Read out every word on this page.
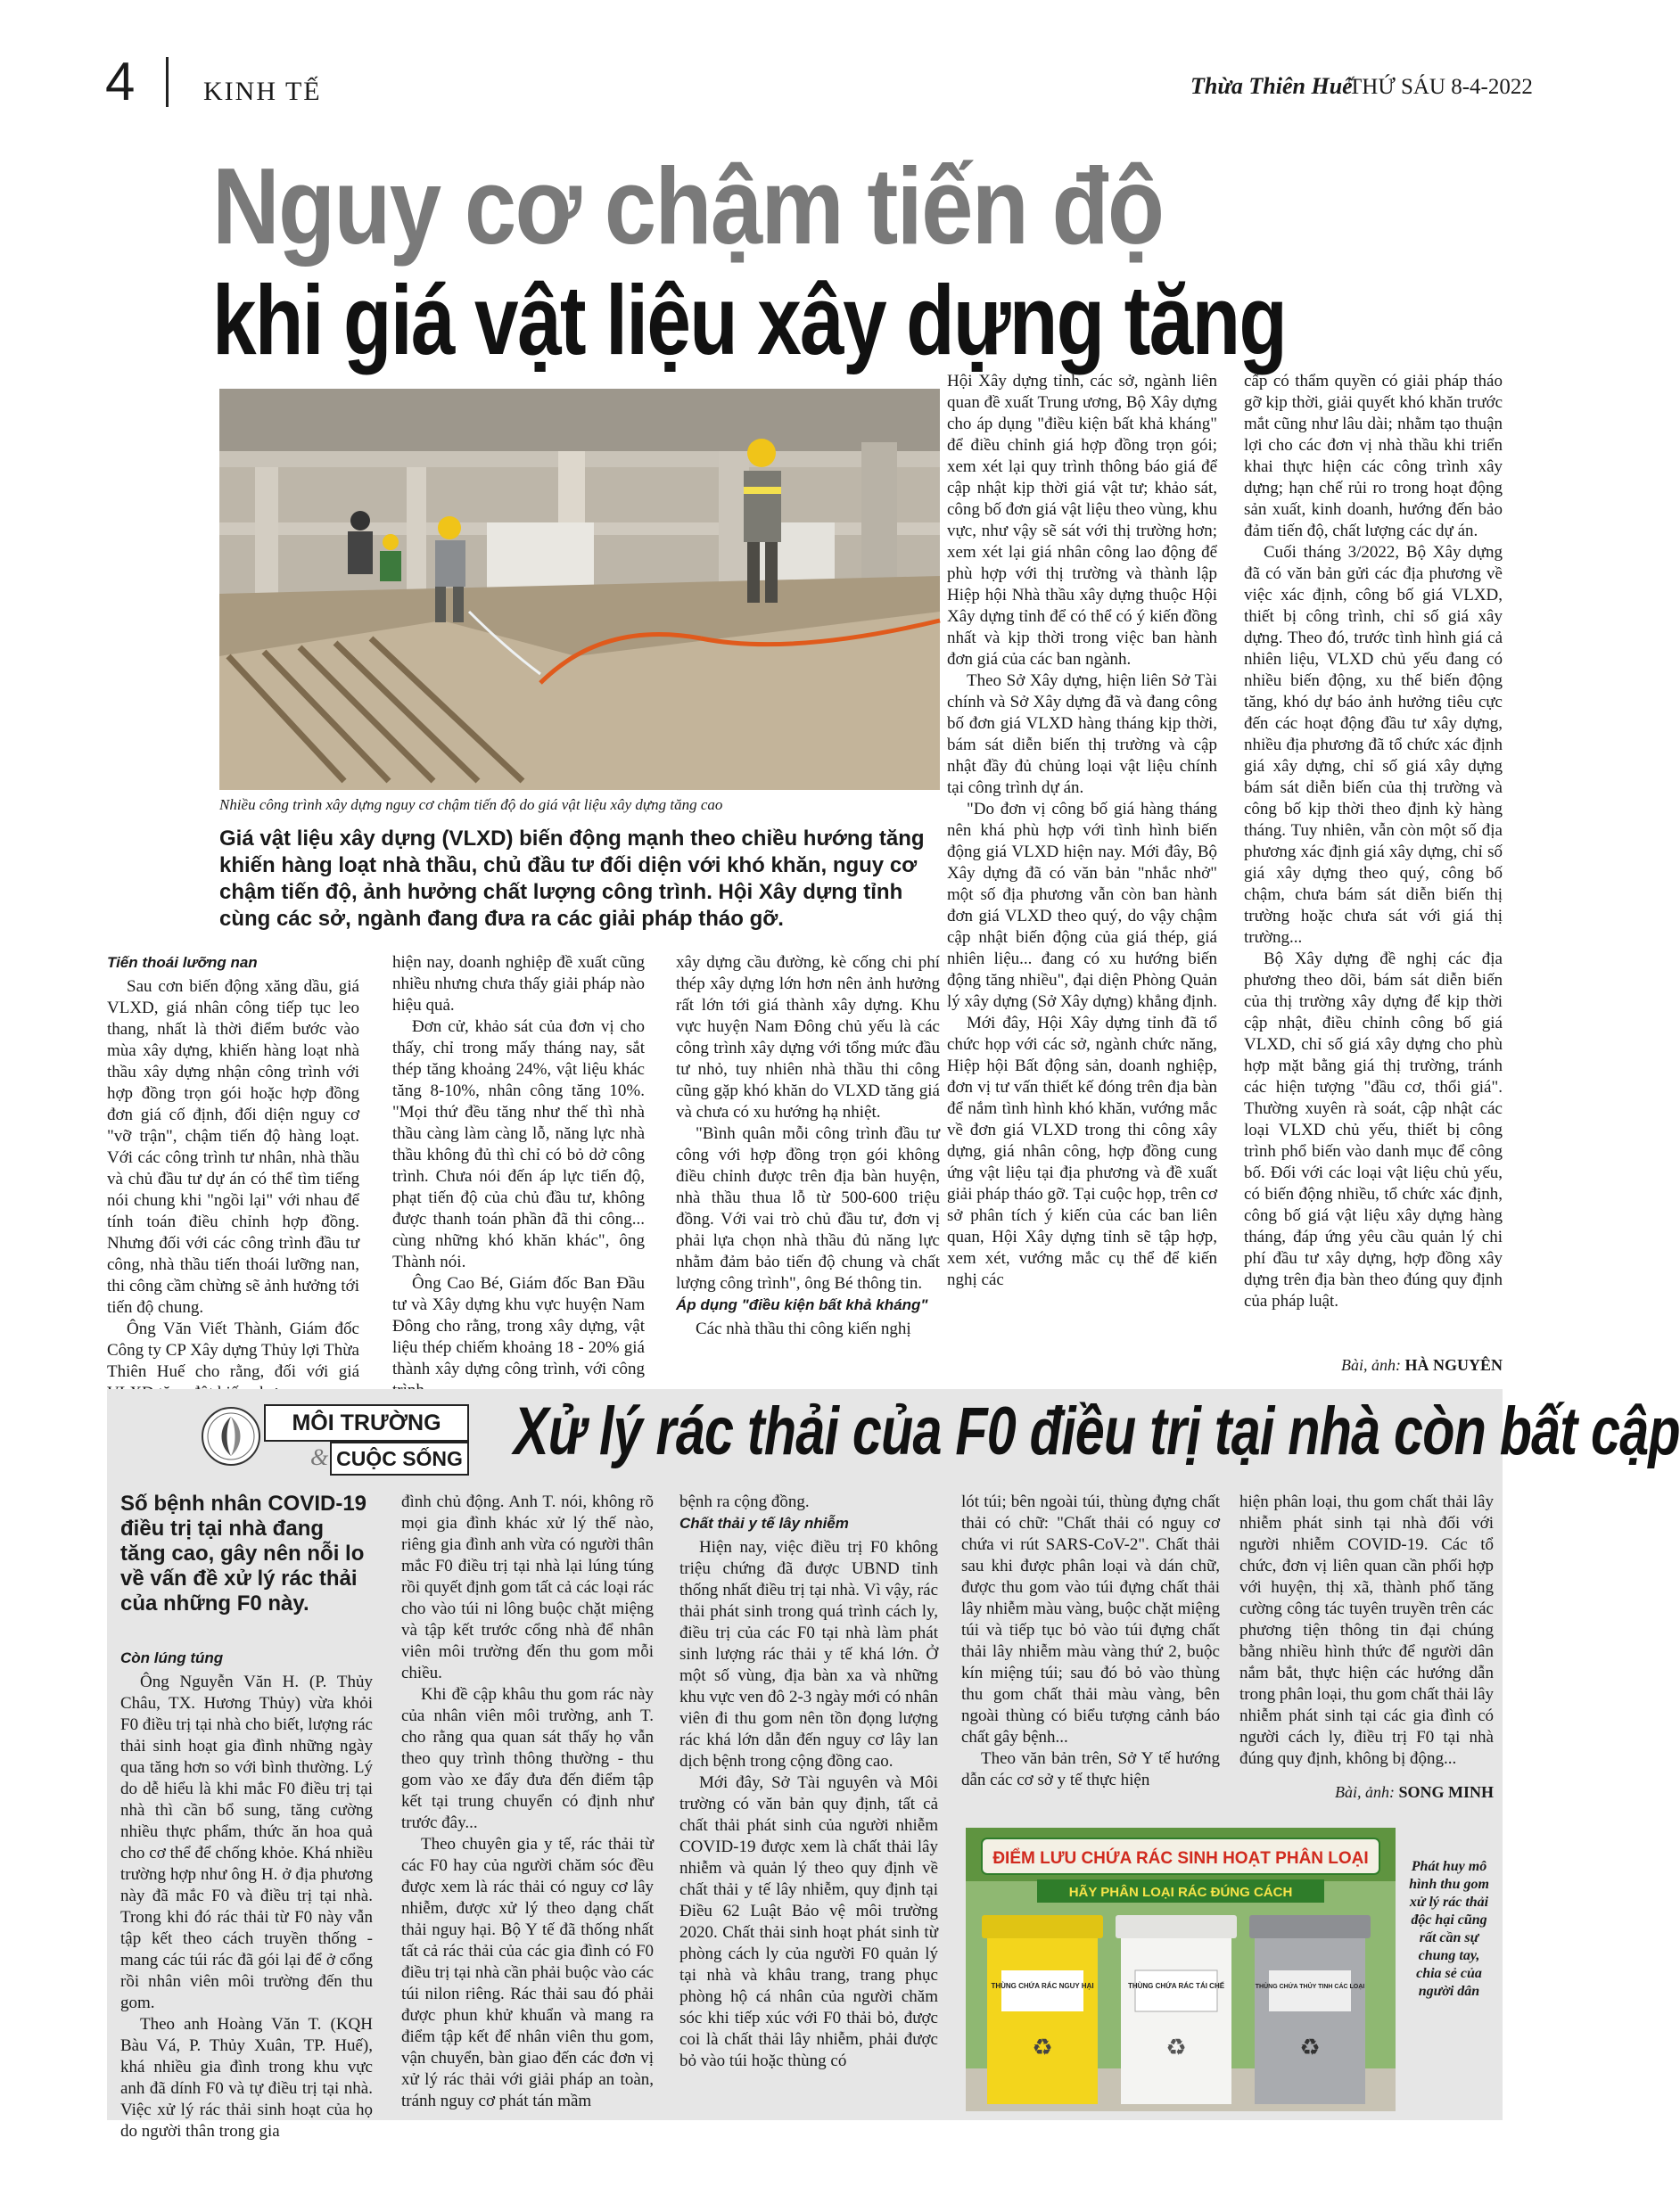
4	KINH TẾ	Thừa Thiên Huế
THỨ SÁU 8-4-2022
Nguy cơ chậm tiến độ
khi giá vật liệu xây dựng tăng
Nhiều công trình xây dựng nguy cơ chậm tiến độ do giá vật liệu xây dựng tăng cao
Giá vật liệu xây dựng (VLXD) biến động mạnh theo chiều hướng tăng khiến hàng loạt nhà thầu, chủ đầu tư đối diện với khó khăn, nguy cơ chậm tiến độ, ảnh hưởng chất lượng công trình. Hội Xây dựng tỉnh cùng các sở, ngành đang đưa ra các giải pháp tháo gỡ.
Tiến thoái lưỡng nan

Sau cơn biến động xăng dầu, giá VLXD, giá nhân công tiếp tục leo thang, nhất là thời điểm bước vào mùa xây dựng, khiến hàng loạt nhà thầu xây dựng nhận công trình với hợp đồng trọn gói hoặc hợp đồng đơn giá cố định, đối diện nguy cơ "vỡ trận", chậm tiến độ hàng loạt. Với các công trình tư nhân, nhà thầu và chủ đầu tư dự án có thể tìm tiếng nói chung khi "ngồi lại" với nhau để tính toán điều chỉnh hợp đồng. Nhưng đối với các công trình đầu tư công, nhà thầu tiến thoái lưỡng nan, thi công cầm chừng sẽ ảnh hưởng tới tiến độ chung.

Ông Văn Viết Thành, Giám đốc Công ty CP Xây dựng Thủy lợi Thừa Thiên Huế cho rằng, đối với giá

hiện nay, doanh nghiệp đề xuất cũng nhiều nhưng chưa thấy giải pháp nào hiệu quả.

Đơn cử, khảo sát của đơn vị cho thấy, chỉ trong mấy tháng nay, sắt thép tăng khoảng 24%, vật liệu khác tăng 8-10%, nhân công tăng 10%. "Mọi thứ đều tăng như thế thì nhà thầu càng làm càng lỗ, năng lực nhà thầu không đủ thì chỉ có bỏ dở công trình. Chưa nói đến áp lực tiến độ, phạt tiến độ của chủ đầu tư, không được thanh toán phần đã thi công... cùng những khó khăn khác", ông Thành nói.

Ông Cao Bé, Giám đốc Ban Đầu tư và Xây dựng khu vực huyện Nam Đông cho rằng, trong xây dựng, vật liệu thép chiếm khoảng 18 - 20% giá thành xây dựng công trình, với công

xây dựng cầu đường, kè cống chi phí thép xây dựng lớn hơn nên ảnh hưởng rất lớn tới giá thành xây dựng. Khu vực huyện Nam Đông chủ yếu là các công trình xây dựng với tổng mức đầu tư nhỏ, tuy nhiên nhà thầu thi công cũng gặp khó khăn do VLXD tăng giá và chưa có xu hướng hạ nhiệt.

"Bình quân mỗi công trình đầu tư công với hợp đồng trọn gói không điều chỉnh được trên địa bàn huyện, nhà thầu thua lỗ từ 500-600 triệu đồng. Với vai trò chủ đầu tư, đơn vị phải lựa chọn nhà thầu đủ năng lực nhằm đảm bảo tiến độ chung và chất lượng công trình", ông Bé thông tin.

Áp dụng "điều kiện bất khả kháng"

Các nhà thầu thi công kiến nghị

Hội Xây dựng tỉnh, các sở, ngành liên quan đề xuất Trung ương, Bộ Xây dựng cho áp dụng "điều kiện bất khả kháng" để điều chỉnh giá hợp đồng trọn gói; xem xét lại quy trình thông báo giá để cập nhật kịp thời giá vật tư; khảo sát, công bố đơn giá vật liệu theo vùng, khu vực, như vậy sẽ sát với thị trường hơn; xem xét lại giá nhân công lao động để phù hợp với thị trường và thành lập Hiệp hội Nhà thầu xây dựng thuộc Hội Xây dựng tỉnh để có thể có ý kiến đồng nhất và kịp thời trong việc ban hành đơn giá của các ban ngành.

Theo Sở Xây dựng, hiện liên Sở Tài chính và Sở Xây dựng đã và đang công bố đơn giá VLXD hàng tháng kịp thời, bám sát diễn biến thị trường và cập nhật đầy đủ chủng loại vật liệu chính tại công trình dự án.

"Do đơn vị công bố giá hàng tháng nên khá phù hợp với tình hình biến động giá VLXD hiện nay. Mới đây, Bộ Xây dựng đã có văn bản "nhắc nhở" một số địa phương vẫn còn ban hành đơn giá VLXD theo quý, do vậy chậm cập nhật biến động của giá thép, giá nhiên liệu... đang có xu hướng biến động tăng nhiều", đại diện Phòng Quản lý xây dựng (Sở Xây dựng) khẳng định.

Mới đây, Hội Xây dựng tỉnh đã tổ chức họp với các sở, ngành chức năng, Hiệp hội Bất động sản, doanh nghiệp, đơn vị tư vấn thiết kế đóng trên địa bàn để nắm tình hình khó khăn, vướng mắc về đơn giá VLXD trong thi công xây dựng, giá nhân công, hợp đồng cung ứng vật liệu tại địa phương và đề xuất giải pháp tháo gỡ. Tại cuộc họp, trên cơ sở phân tích ý kiến của các ban liên quan, Hội Xây dựng tỉnh sẽ tập hợp, xem xét, vướng mắc cụ thể để kiến nghị các

cấp có thẩm quyền có giải pháp tháo gỡ kịp thời, giải quyết khó khăn trước mắt cũng như lâu dài; nhằm tạo thuận lợi cho các đơn vị nhà thầu khi triển khai thực hiện các công trình xây dựng; hạn chế rủi ro trong hoạt động sản xuất, kinh doanh, hướng đến bảo đảm tiến độ, chất lượng các dự án.

Cuối tháng 3/2022, Bộ Xây dựng đã có văn bản gửi các địa phương về việc xác định, công bố giá VLXD, thiết bị công trình, chỉ số giá xây dựng. Theo đó, trước tình hình giá cả nhiên liệu, VLXD chủ yếu đang có nhiều biến động, xu thế biến động tăng, khó dự báo ảnh hưởng tiêu cực đến các hoạt động đầu tư xây dựng, nhiều địa phương đã tổ chức xác định giá xây dựng, chỉ số giá xây dựng bám sát diễn biến của thị trường và công bố kịp thời theo định kỳ hàng tháng. Tuy nhiên, vẫn còn một số địa phương xác định giá xây dựng, chỉ số giá xây dựng theo quý, công bố chậm, chưa bám sát diễn biến thị trường hoặc chưa sát với giá thị trường...

Bộ Xây dựng đề nghị các địa phương theo dõi, bám sát diễn biến của thị trường xây dựng để kịp thời cập nhật, điều chỉnh công bố giá VLXD, chỉ số giá xây dựng cho phù hợp mặt bằng giá thị trường, tránh các hiện tượng "đầu cơ, thổi giá". Thường xuyên rà soát, cập nhật các loại VLXD chủ yếu, thiết bị công trình phổ biến vào danh mục để công bố. Đối với các loại vật liệu chủ yếu, có biến động nhiều, tổ chức xác định, công bố giá vật liệu xây dựng hàng tháng, đáp ứng yêu cầu quản lý chi phí đầu tư xây dựng, hợp đồng xây dựng trên địa bàn theo đúng quy định của pháp luật.

Bài, ảnh: HÀ NGUYÊN
MÔI TRƯỜNG
& CUỘC SỐNG Xử lý rác thải của F0 điều trị tại nhà còn bất cập
Số bệnh nhân COVID-19 điều trị tại nhà đang tăng cao, gây nên nỗi lo về vấn đề xử lý rác thải của những F0 này.
Còn lúng túng

Ông Nguyễn Văn H. (P. Thủy Châu, TX. Hương Thủy) vừa khỏi F0 điều trị tại nhà cho biết, lượng rác thải sinh hoạt gia đình những ngày qua tăng hơn so với bình thường. Lý do dễ hiểu là khi mắc F0 điều trị tại nhà thì cần bổ sung, tăng cường nhiều thực phẩm, thức ăn hoa quả cho cơ thể để chống khỏe. Khá nhiều trường hợp như ông H. ở địa phương này đã mắc F0 và điều trị tại nhà. Trong khi đó rác thải từ F0 này vẫn tập kết theo cách truyền thống - mang các túi rác đã gói lại để ở cổng rồi nhân viên môi trường đến thu gom.

Theo anh Hoàng Văn T. (KQH Bàu Vá, P. Thủy Xuân, TP. Huế), khá nhiều gia đình trong khu vực anh đã dính F0 và tự điều trị tại nhà. Việc xử lý rác thải sinh hoạt của họ do người thân trong gia

đình chủ động. Anh T. nói, không rõ mọi gia đình khác xử lý thế nào, riêng gia đình anh vừa có người thân mắc F0 điều trị tại nhà lại lúng túng rồi quyết định gom tất cả các loại rác cho vào túi ni lông buộc chặt miệng và tập kết trước cổng nhà để nhân viên môi trường đến thu gom mỗi chiều.

Khi đề cập khâu thu gom rác này của nhân viên môi trường, anh T. cho rằng qua quan sát thấy họ vẫn theo quy trình thông thường - thu gom vào xe đẩy đưa đến điểm tập kết tại trung chuyển có định như trước đây...

Theo chuyên gia y tế, rác thải từ các F0 hay của người chăm sóc đều được xem là rác thải có nguy cơ lây nhiễm, được xử lý theo dạng chất thải nguy hại. Bộ Y tế đã thống nhất tất cả rác thải của các gia đình có F0 điều trị tại nhà cần phải buộc vào các túi nilon riêng. Rác thải sau đó phải được phun khử khuẩn và mang ra điểm tập kết để nhân viên thu gom, vận chuyển, bàn giao đến các đơn vị xử lý rác thải với giải pháp an toàn, tránh nguy cơ phát tán mầm

bệnh ra cộng đồng.

Chất thải y tế lây nhiễm

Hiện nay, việc điều trị F0 không triệu chứng đã được UBND tỉnh thống nhất điều trị tại nhà. Vì vậy, rác thải phát sinh trong quá trình cách ly, điều trị của các F0 tại nhà làm phát sinh lượng rác thải y tế khá lớn. Ở một số vùng, địa bàn xa và những khu vực ven đô 2-3 ngày mới có nhân viên đi thu gom nên tồn đọng lượng rác khá lớn dẫn đến nguy cơ lây lan dịch bệnh trong cộng đồng cao.

Mới đây, Sở Tài nguyên và Môi trường có văn bản quy định, tất cả chất thải phát sinh của người nhiễm COVID-19 được xem là chất thải lây nhiễm và quản lý theo quy định về chất thải y tế lây nhiễm, quy định tại Điều 62 Luật Bảo vệ môi trường 2020. Chất thải sinh hoạt phát sinh từ phòng cách ly của người F0 quản lý tại nhà và khâu trang, trang phục phòng hộ cá nhân của người chăm sóc khi tiếp xúc với F0 thải bỏ, được coi là chất thải lây nhiễm, phải được bỏ vào túi hoặc thùng có

lót túi; bên ngoài túi, thùng đựng chất thải có chữ: "Chất thải có nguy cơ chứa vi rút SARS-CoV-2". Chất thải sau khi được phân loại và dán chữ, được thu gom vào túi đựng chất thải lây nhiễm màu vàng, buộc chặt miệng túi và tiếp tục bỏ vào túi đựng chất thải lây nhiễm màu vàng thứ 2, buộc kín miệng túi; sau đó bỏ vào thùng thu gom chất thải màu vàng, bên ngoài thùng có biểu tượng cảnh báo chất gây bệnh...

Theo văn bản trên, Sở Y tế hướng dẫn các cơ sở y tế thực hiện

hiện phân loại, thu gom chất thải lây nhiễm phát sinh tại nhà đối với người nhiễm COVID-19. Các tổ chức, đơn vị liên quan cần phối hợp với huyện, thị xã, thành phố tăng cường công tác tuyên truyền trên các phương tiện thông tin đại chúng bằng nhiều hình thức để người dân nắm bắt, thực hiện các hướng dẫn trong phân loại, thu gom chất thải lây nhiễm phát sinh tại các gia đình có người cách ly, điều trị F0 tại nhà đúng quy định, không bị động...

Bài, ảnh: SONG MINH
ĐIỂM LƯU CHỨA RÁC SINH HOẠT PHÂN LOẠI
HÃY PHÂN LOẠI RÁC ĐÚNG CÁCH
THÙNG CHỨA RÁC NGUY HẠI
♻
THÙNG CHỨA RÁC TÁI CHẾ
♻
THÙNG CHỨA THỦY TINH CÁC LOẠI
♻
Phát huy mô hình thu gom xử lý rác thải độc hại cũng rất cần sự chung tay, chia sẻ của người dân
